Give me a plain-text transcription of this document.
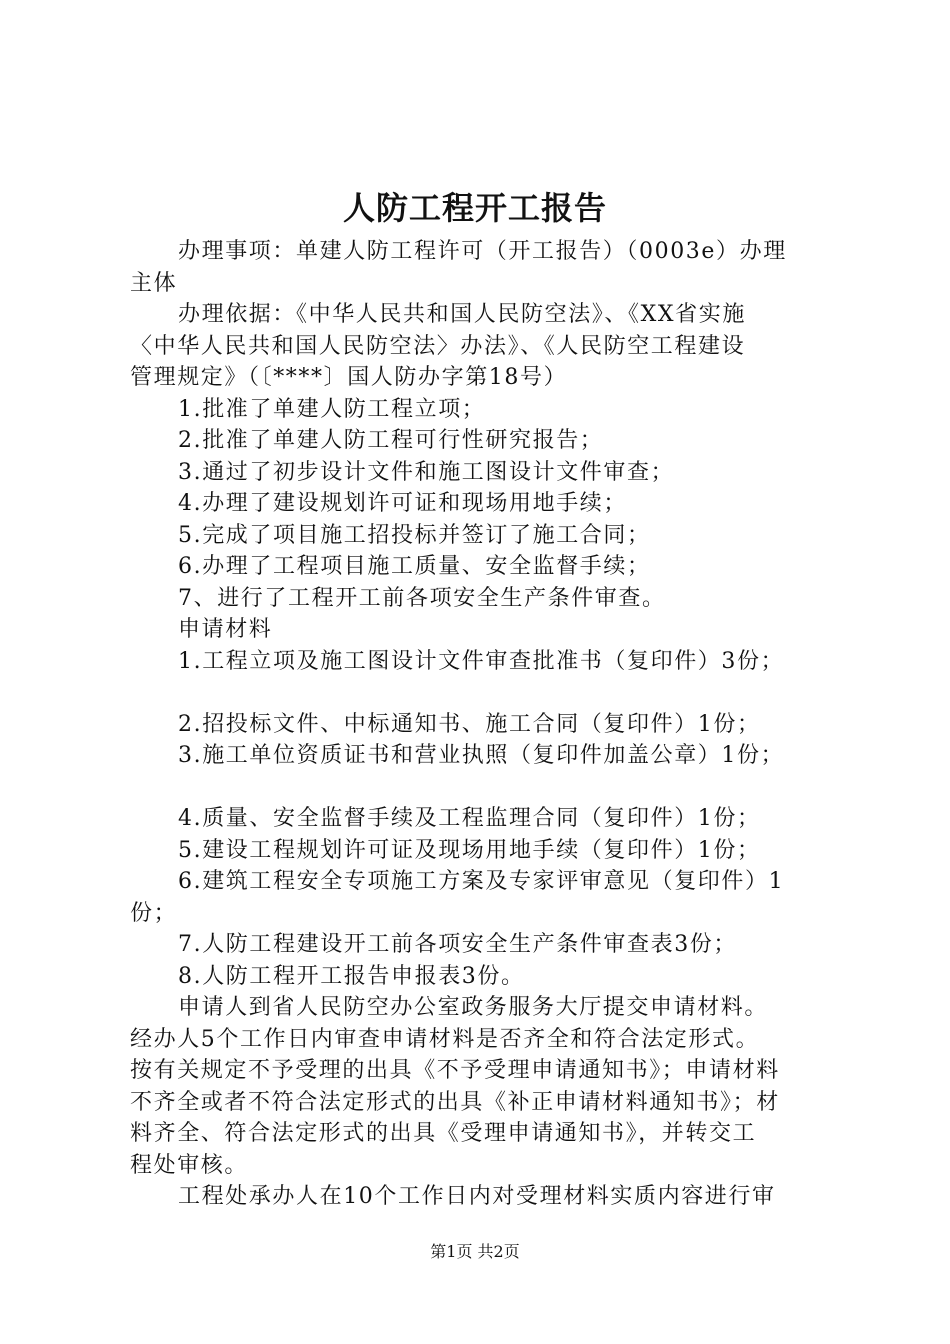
人防工程开工报告
办理事项：单建人防工程许可（开工报告）（0003e）办理
主体
办理依据：《中华人民共和国人民防空法》、《XX省实施
〈中华人民共和国人民防空法〉办法》、《人民防空工程建设
管理规定》（〔****〕国人防办字第18号）
1.批准了单建人防工程立项；
2.批准了单建人防工程可行性研究报告；
3.通过了初步设计文件和施工图设计文件审查；
4.办理了建设规划许可证和现场用地手续；
5.完成了项目施工招投标并签订了施工合同；
6.办理了工程项目施工质量、安全监督手续；
7、进行了工程开工前各项安全生产条件审查。
申请材料
1.工程立项及施工图设计文件审查批准书（复印件）3份；
2.招投标文件、中标通知书、施工合同（复印件）1份；
3.施工单位资质证书和营业执照（复印件加盖公章）1份；
4.质量、安全监督手续及工程监理合同（复印件）1份；
5.建设工程规划许可证及现场用地手续（复印件）1份；
6.建筑工程安全专项施工方案及专家评审意见（复印件）1
份；
7.人防工程建设开工前各项安全生产条件审查表3份；
8.人防工程开工报告申报表3份。
申请人到省人民防空办公室政务服务大厅提交申请材料。
经办人5个工作日内审查申请材料是否齐全和符合法定形式。
按有关规定不予受理的出具《不予受理申请通知书》；申请材料
不齐全或者不符合法定形式的出具《补正申请材料通知书》；材
料齐全、符合法定形式的出具《受理申请通知书》，并转交工
程处审核。
工程处承办人在10个工作日内对受理材料实质内容进行审
第1页 共2页
